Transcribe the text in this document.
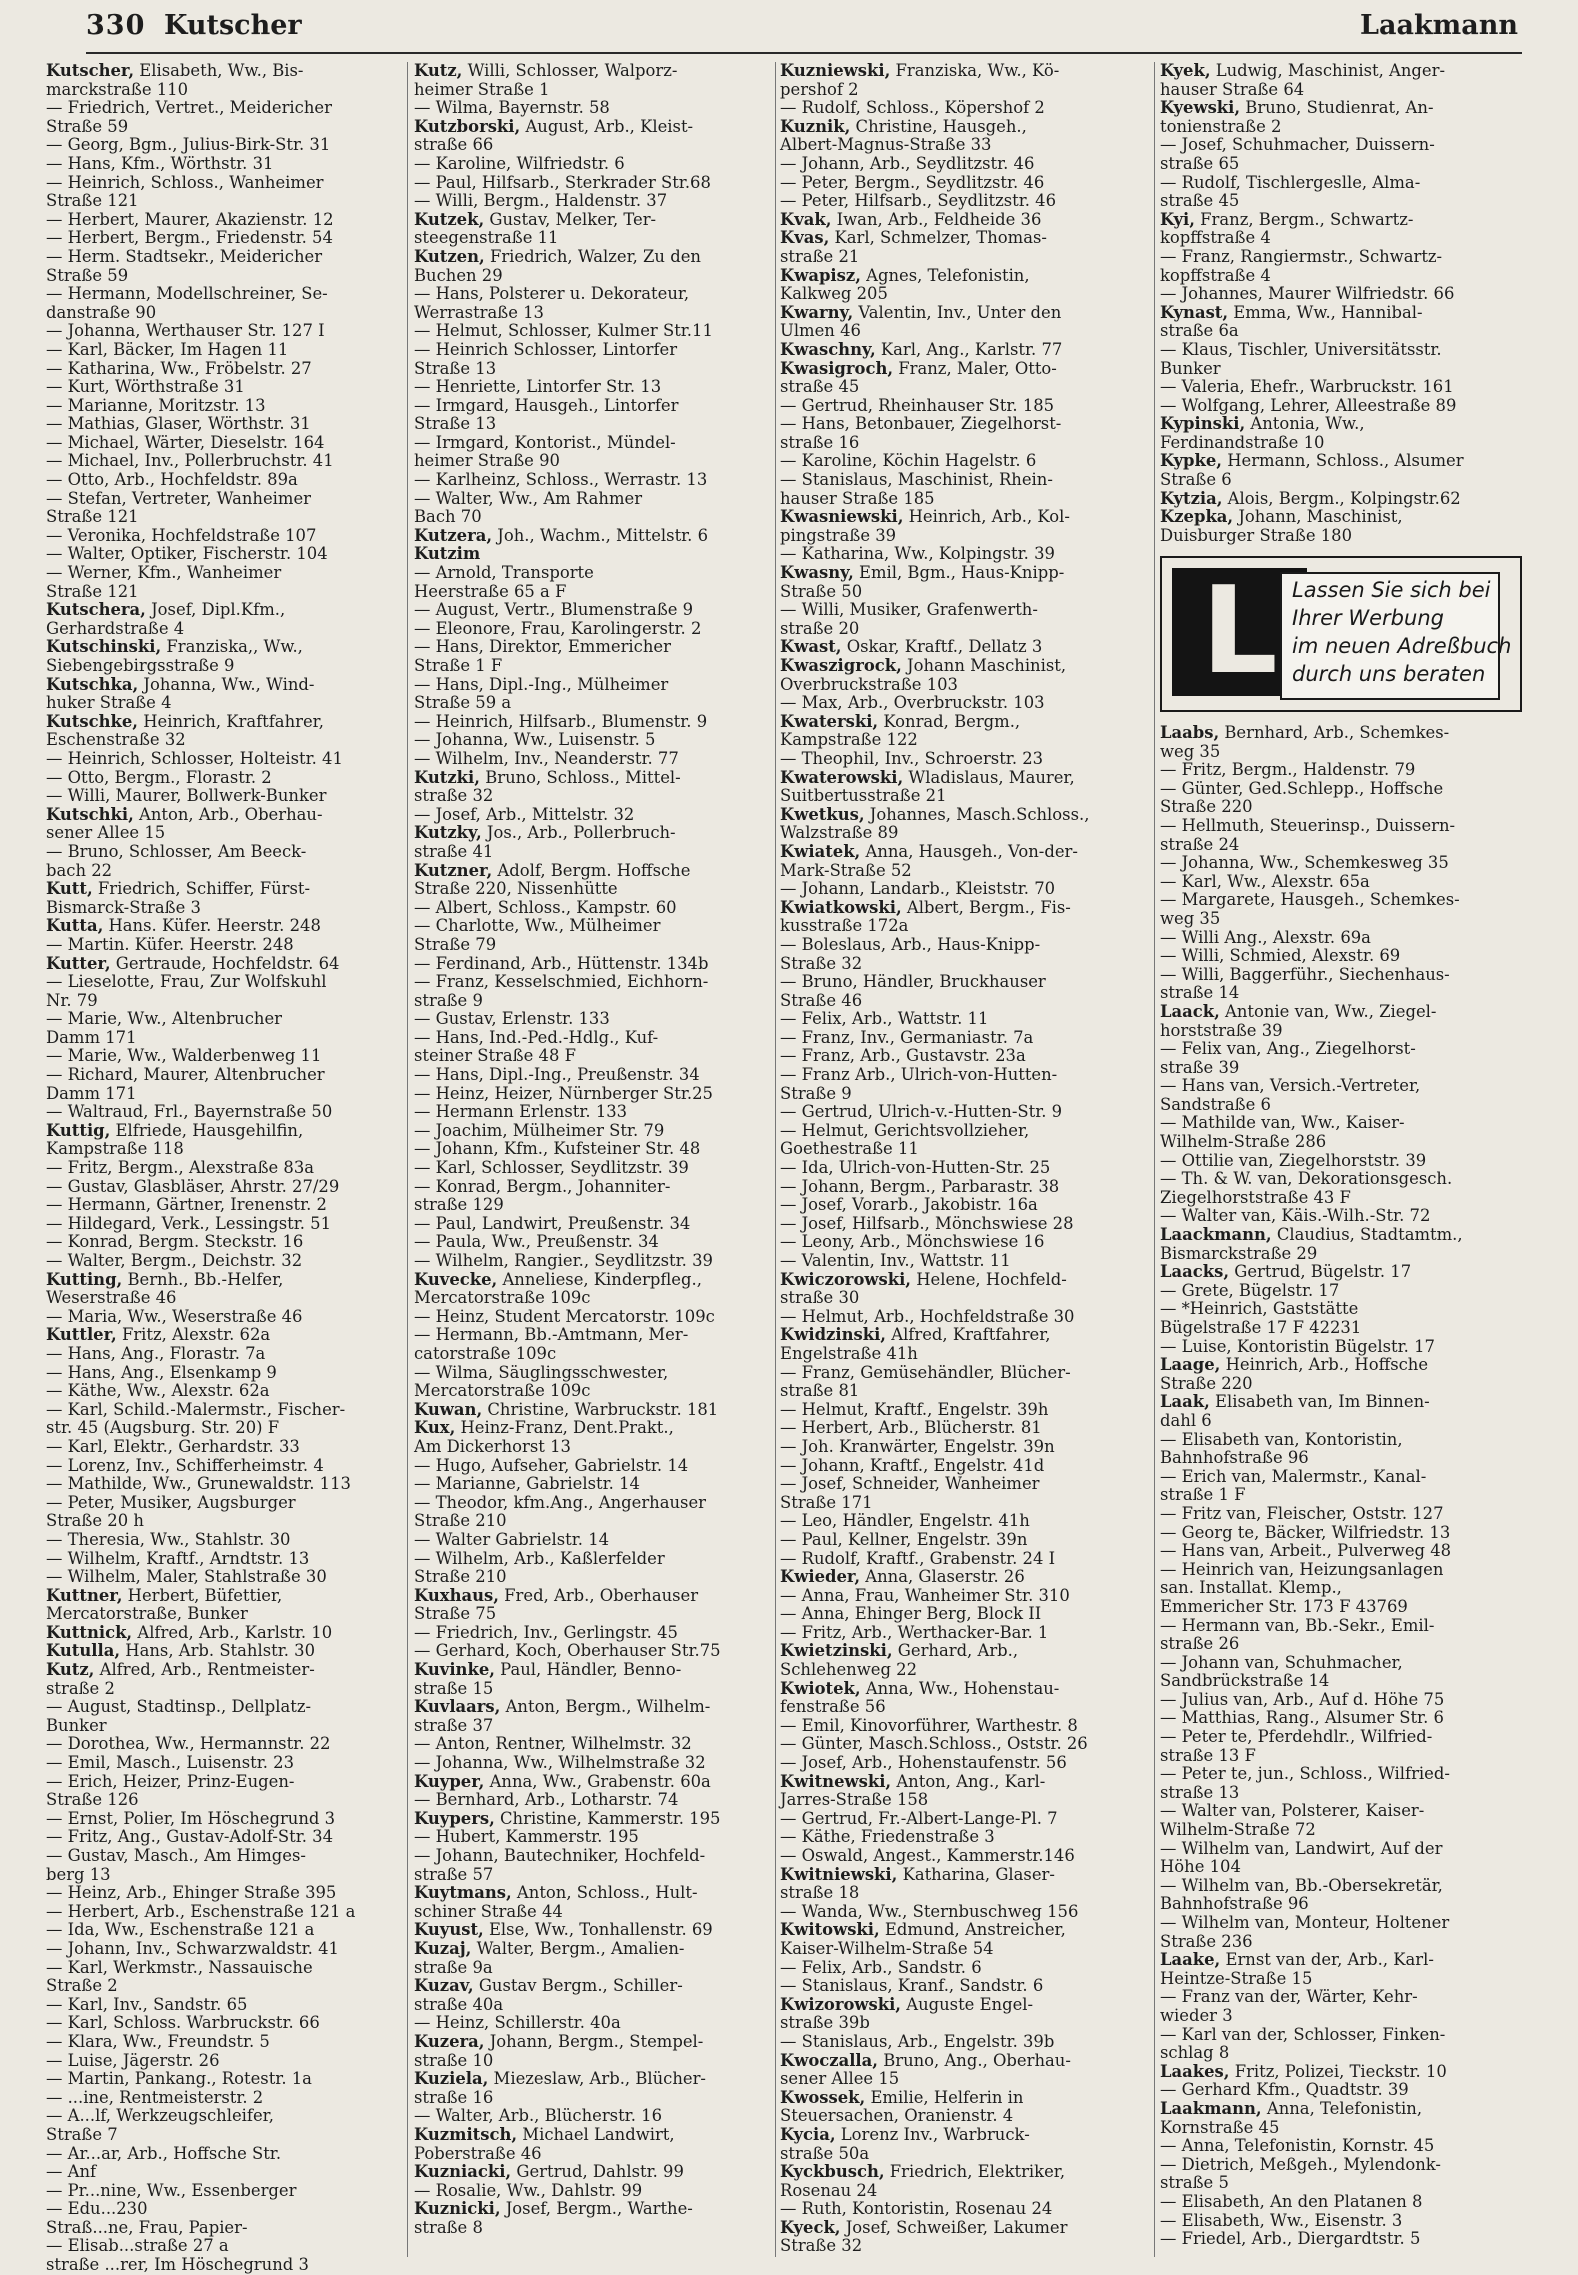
330 Kutscher	Laakmann
Kutscher, Elisabeth, Ww., Bis-
marckstraße 110
— Friedrich, Vertret., Meidericher
Straße 59
— Georg, Bgm., Julius-Birk-Str. 31
— Hans, Kfm., Wörthstr. 31
— Heinrich, Schloss., Wanheimer
Straße 121
— Herbert, Maurer, Akazienstr. 12
— Herbert, Bergm., Friedenstr. 54
— Herm. Stadtsekr., Meidericher
Straße 59
— Hermann, Modellschreiner, Se-
danstraße 90
— Johanna, Werthauser Str. 127 I
— Karl, Bäcker, Im Hagen 11
— Katharina, Ww., Fröbelstr. 27
— Kurt, Wörthstraße 31
— Marianne, Moritzstr. 13
— Mathias, Glaser, Wörthstr. 31
— Michael, Wärter, Dieselstr. 164
— Michael, Inv., Pollerbruchstr. 41
— Otto, Arb., Hochfeldstr. 89a
— Stefan, Vertreter, Wanheimer
Straße 121
— Veronika, Hochfeldstraße 107
— Walter, Optiker, Fischerstr. 104
— Werner, Kfm., Wanheimer
Straße 121
Kutschera, Josef, Dipl.Kfm.,
Gerhardstraße 4
Kutschinski, Franziska,, Ww.,
Siebengebirgsstraße 9
Kutschka, Johanna, Ww., Wind-
huker Straße 4
Kutschke, Heinrich, Kraftfahrer,
Eschenstraße 32
— Heinrich, Schlosser, Holteistr. 41
— Otto, Bergm., Florastr. 2
— Willi, Maurer, Bollwerk-Bunker
Kutschki, Anton, Arb., Oberhau-
sener Allee 15
— Bruno, Schlosser, Am Beeck-
bach 22
Kutt, Friedrich, Schiffer, Fürst-
Bismarck-Straße 3
Kutta, Hans. Küfer. Heerstr. 248
— Martin. Küfer. Heerstr. 248
Kutter, Gertraude, Hochfeldstr. 64
— Lieselotte, Frau, Zur Wolfskuhl
Nr. 79
— Marie, Ww., Altenbrucher
Damm 171
— Marie, Ww., Walderbenweg 11
— Richard, Maurer, Altenbrucher
Damm 171
— Waltraud, Frl., Bayernstraße 50
Kuttig, Elfriede, Hausgehilfin,
Kampstraße 118
— Fritz, Bergm., Alexstraße 83a
— Gustav, Glasbläser, Ahrstr. 27/29
— Hermann, Gärtner, Irenenstr. 2
— Hildegard, Verk., Lessingstr. 51
— Konrad, Bergm. Steckstr. 16
— Walter, Bergm., Deichstr. 32
Kutting, Bernh., Bb.-Helfer,
Weserstraße 46
— Maria, Ww., Weserstraße 46
Kuttler, Fritz, Alexstr. 62a
— Hans, Ang., Florastr. 7a
— Hans, Ang., Elsenkamp 9
— Käthe, Ww., Alexstr. 62a
— Karl, Schild.-Malermstr., Fischer-
str. 45 (Augsburg. Str. 20) F
— Karl, Elektr., Gerhardstr. 33
— Lorenz, Inv., Schifferheimstr. 4
— Mathilde, Ww., Grunewaldstr. 113
— Peter, Musiker, Augsburger
Straße 20 h
— Theresia, Ww., Stahlstr. 30
— Wilhelm, Kraftf., Arndtstr. 13
— Wilhelm, Maler, Stahlstraße 30
Kuttner, Herbert, Büfettier,
Mercatorstraße, Bunker
Kuttnick, Alfred, Arb., Karlstr. 10
Kutulla, Hans, Arb. Stahlstr. 30
Kutz, Alfred, Arb., Rentmeister-
straße 2
— August, Stadtinsp., Dellplatz-
Bunker
— Dorothea, Ww., Hermannstr. 22
— Emil, Masch., Luisenstr. 23
— Erich, Heizer, Prinz-Eugen-
Straße 126
— Ernst, Polier, Im Höschegrund 3
— Fritz, Ang., Gustav-Adolf-Str. 34
— Gustav, Masch., Am Himges-
berg 13
— Heinz, Arb., Ehinger Straße 395
— Herbert, Arb., Eschenstraße 121 a
— Ida, Ww., Eschenstraße 121 a
— Johann, Inv., Schwarzwaldstr. 41
— Karl, Werkmstr., Nassauische
Straße 2
— Karl, Inv., Sandstr. 65
— Karl, Schloss. Warbruckstr. 66
— Klara, Ww., Freundstr. 5
— Luise, Jägerstr. 26
— Martin, Pankang., Rotestr. 1a
— ...ine, Rentmeisterstr. 2
— A...lf, Werkzeugschleifer,
Straße 7
— Ar...ar, Arb., Hoffsche Str.
— Anf
— Pr...nine, Ww., Essenberger
— Edu...230
Straß...ne, Frau, Papier-
— Elisab...straße 27 a
straße ...rer, Im Höschegrund 3
Kutz, Willi, Schlosser, Walporz-
heimer Straße 1
— Wilma, Bayernstr. 58
Kutzborski, August, Arb., Kleist-
straße 66
— Karoline, Wilfriedstr. 6
— Paul, Hilfsarb., Sterkrader Str.68
— Willi, Bergm., Haldenstr. 37
Kutzek, Gustav, Melker, Ter-
steegenstraße 11
Kutzen, Friedrich, Walzer, Zu den
Buchen 29
— Hans, Polsterer u. Dekorateur,
Werrastraße 13
— Helmut, Schlosser, Kulmer Str.11
— Heinrich Schlosser, Lintorfer
Straße 13
— Henriette, Lintorfer Str. 13
— Irmgard, Hausgeh., Lintorfer
Straße 13
— Irmgard, Kontorist., Mündel-
heimer Straße 90
— Karlheinz, Schloss., Werrastr. 13
— Walter, Ww., Am Rahmer
Bach 70
Kutzera, Joh., Wachm., Mittelstr. 6
Kutzim
— Arnold, Transporte
Heerstraße 65 a F
— August, Vertr., Blumenstraße 9
— Eleonore, Frau, Karolingerstr. 2
— Hans, Direktor, Emmericher
Straße 1 F
— Hans, Dipl.-Ing., Mülheimer
Straße 59 a
— Heinrich, Hilfsarb., Blumenstr. 9
— Johanna, Ww., Luisenstr. 5
— Wilhelm, Inv., Neanderstr. 77
Kutzki, Bruno, Schloss., Mittel-
straße 32
— Josef, Arb., Mittelstr. 32
Kutzky, Jos., Arb., Pollerbruch-
straße 41
Kutzner, Adolf, Bergm. Hoffsche
Straße 220, Nissenhütte
— Albert, Schloss., Kampstr. 60
— Charlotte, Ww., Mülheimer
Straße 79
— Ferdinand, Arb., Hüttenstr. 134b
— Franz, Kesselschmied, Eichhorn-
straße 9
— Gustav, Erlenstr. 133
— Hans, Ind.-Ped.-Hdlg., Kuf-
steiner Straße 48 F
— Hans, Dipl.-Ing., Preußenstr. 34
— Heinz, Heizer, Nürnberger Str.25
— Hermann Erlenstr. 133
— Joachim, Mülheimer Str. 79
— Johann, Kfm., Kufsteiner Str. 48
— Karl, Schlosser, Seydlitzstr. 39
— Konrad, Bergm., Johanniter-
straße 129
— Paul, Landwirt, Preußenstr. 34
— Paula, Ww., Preußenstr. 34
— Wilhelm, Rangier., Seydlitzstr. 39
Kuvecke, Anneliese, Kinderpfleg.,
Mercatorstraße 109c
— Heinz, Student Mercatorstr. 109c
— Hermann, Bb.-Amtmann, Mer-
catorstraße 109c
— Wilma, Säuglingsschwester,
Mercatorstraße 109c
Kuwan, Christine, Warbruckstr. 181
Kux, Heinz-Franz, Dent.Prakt.,
Am Dickerhorst 13
— Hugo, Aufseher, Gabrielstr. 14
— Marianne, Gabrielstr. 14
— Theodor, kfm.Ang., Angerhauser
Straße 210
— Walter Gabrielstr. 14
— Wilhelm, Arb., Kaßlerfelder
Straße 210
Kuxhaus, Fred, Arb., Oberhauser
Straße 75
— Friedrich, Inv., Gerlingstr. 45
— Gerhard, Koch, Oberhauser Str.75
Kuvinke, Paul, Händler, Benno-
straße 15
Kuvlaars, Anton, Bergm., Wilhelm-
straße 37
— Anton, Rentner, Wilhelmstr. 32
— Johanna, Ww., Wilhelmstraße 32
Kuyper, Anna, Ww., Grabenstr. 60a
— Bernhard, Arb., Lotharstr. 74
Kuypers, Christine, Kammerstr. 195
— Hubert, Kammerstr. 195
— Johann, Bautechniker, Hochfeld-
straße 57
Kuytmans, Anton, Schloss., Hult-
schiner Straße 44
Kuyust, Else, Ww., Tonhallenstr. 69
Kuzaj, Walter, Bergm., Amalien-
straße 9a
Kuzav, Gustav Bergm., Schiller-
straße 40a
— Heinz, Schillerstr. 40a
Kuzera, Johann, Bergm., Stempel-
straße 10
Kuziela, Miezeslaw, Arb., Blücher-
straße 16
— Walter, Arb., Blücherstr. 16
Kuzmitsch, Michael Landwirt,
Poberstraße 46
Kuzniacki, Gertrud, Dahlstr. 99
— Rosalie, Ww., Dahlstr. 99
Kuznicki, Josef, Bergm., Warthe-
straße 8
Kuzniewski, Franziska, Ww., Kö-
pershof 2
— Rudolf, Schloss., Köpershof 2
Kuznik, Christine, Hausgeh.,
Albert-Magnus-Straße 33
— Johann, Arb., Seydlitzstr. 46
— Peter, Bergm., Seydlitzstr. 46
— Peter, Hilfsarb., Seydlitzstr. 46
Kvak, Iwan, Arb., Feldheide 36
Kvas, Karl, Schmelzer, Thomas-
straße 21
Kwapisz, Agnes, Telefonistin,
Kalkweg 205
Kwarny, Valentin, Inv., Unter den
Ulmen 46
Kwaschny, Karl, Ang., Karlstr. 77
Kwasigroch, Franz, Maler, Otto-
straße 45
— Gertrud, Rheinhauser Str. 185
— Hans, Betonbauer, Ziegelhorst-
straße 16
— Karoline, Köchin Hagelstr. 6
— Stanislaus, Maschinist, Rhein-
hauser Straße 185
Kwasniewski, Heinrich, Arb., Kol-
pingstraße 39
— Katharina, Ww., Kolpingstr. 39
Kwasny, Emil, Bgm., Haus-Knipp-
Straße 50
— Willi, Musiker, Grafenwerth-
straße 20
Kwast, Oskar, Kraftf., Dellatz 3
Kwaszigrock, Johann Maschinist,
Overbruckstraße 103
— Max, Arb., Overbruckstr. 103
Kwaterski, Konrad, Bergm.,
Kampstraße 122
— Theophil, Inv., Schroerstr. 23
Kwaterowski, Wladislaus, Maurer,
Suitbertusstraße 21
Kwetkus, Johannes, Masch.Schloss.,
Walzstraße 89
Kwiatek, Anna, Hausgeh., Von-der-
Mark-Straße 52
— Johann, Landarb., Kleiststr. 70
Kwiatkowski, Albert, Bergm., Fis-
kusstraße 172a
— Boleslaus, Arb., Haus-Knipp-
Straße 32
— Bruno, Händler, Bruckhauser
Straße 46
— Felix, Arb., Wattstr. 11
— Franz, Inv., Germaniastr. 7a
— Franz, Arb., Gustavstr. 23a
— Franz Arb., Ulrich-von-Hutten-
Straße 9
— Gertrud, Ulrich-v.-Hutten-Str. 9
— Helmut, Gerichtsvollzieher,
Goethestraße 11
— Ida, Ulrich-von-Hutten-Str. 25
— Johann, Bergm., Parbarastr. 38
— Josef, Vorarb., Jakobistr. 16a
— Josef, Hilfsarb., Mönchswiese 28
— Leony, Arb., Mönchswiese 16
— Valentin, Inv., Wattstr. 11
Kwiczorowski, Helene, Hochfeld-
straße 30
— Helmut, Arb., Hochfeldstraße 30
Kwidzinski, Alfred, Kraftfahrer,
Engelstraße 41h
— Franz, Gemüsehändler, Blücher-
straße 81
— Helmut, Kraftf., Engelstr. 39h
— Herbert, Arb., Blücherstr. 81
— Joh. Kranwärter, Engelstr. 39n
— Johann, Kraftf., Engelstr. 41d
— Josef, Schneider, Wanheimer
Straße 171
— Leo, Händler, Engelstr. 41h
— Paul, Kellner, Engelstr. 39n
— Rudolf, Kraftf., Grabenstr. 24 I
Kwieder, Anna, Glaserstr. 26
— Anna, Frau, Wanheimer Str. 310
— Anna, Ehinger Berg, Block II
— Fritz, Arb., Werthacker-Bar. 1
Kwietzinski, Gerhard, Arb.,
Schlehenweg 22
Kwiotek, Anna, Ww., Hohenstau-
fenstraße 56
— Emil, Kinovorführer, Warthestr. 8
— Günter, Masch.Schloss., Oststr. 26
— Josef, Arb., Hohenstaufenstr. 56
Kwitnewski, Anton, Ang., Karl-
Jarres-Straße 158
— Gertrud, Fr.-Albert-Lange-Pl. 7
— Käthe, Friedenstraße 3
— Oswald, Angest., Kammerstr.146
Kwitniewski, Katharina, Glaser-
straße 18
— Wanda, Ww., Sternbuschweg 156
Kwitowski, Edmund, Anstreicher,
Kaiser-Wilhelm-Straße 54
— Felix, Arb., Sandstr. 6
— Stanislaus, Kranf., Sandstr. 6
Kwizorowski, Auguste Engel-
straße 39b
— Stanislaus, Arb., Engelstr. 39b
Kwoczalla, Bruno, Ang., Oberhau-
sener Allee 15
Kwossek, Emilie, Helferin in
Steuersachen, Oranienstr. 4
Kycia, Lorenz Inv., Warbruck-
straße 50a
Kyckbusch, Friedrich, Elektriker,
Rosenau 24
— Ruth, Kontoristin, Rosenau 24
Kyeck, Josef, Schweißer, Lakumer
Straße 32
Kyek, Ludwig, Maschinist, Anger-
hauser Straße 64
Kyewski, Bruno, Studienrat, An-
tonienstraße 2
— Josef, Schuhmacher, Duissern-
straße 65
— Rudolf, Tischlergeslle, Alma-
straße 45
Kyi, Franz, Bergm., Schwartz-
kopffstraße 4
— Franz, Rangiermstr., Schwartz-
kopffstraße 4
— Johannes, Maurer Wilfriedstr. 66
Kynast, Emma, Ww., Hannibal-
straße 6a
— Klaus, Tischler, Universitätsstr.
Bunker
— Valeria, Ehefr., Warbruckstr. 161
— Wolfgang, Lehrer, Alleestraße 89
Kypinski, Antonia, Ww.,
Ferdinandstraße 10
Kypke, Hermann, Schloss., Alsumer
Straße 6
Kytzia, Alois, Bergm., Kolpingstr.62
Kzepka, Johann, Maschinist,
Duisburger Straße 180
Laabs, Bernhard, Arb., Schemkes-
weg 35
— Fritz, Bergm., Haldenstr. 79
— Günter, Ged.Schlepp., Hoffsche
Straße 220
— Hellmuth, Steuerinsp., Duissern-
straße 24
— Johanna, Ww., Schemkesweg 35
— Karl, Ww., Alexstr. 65a
— Margarete, Hausgeh., Schemkes-
weg 35
— Willi Ang., Alexstr. 69a
— Willi, Schmied, Alexstr. 69
— Willi, Baggerführ., Siechenhaus-
straße 14
Laack, Antonie van, Ww., Ziegel-
horststraße 39
— Felix van, Ang., Ziegelhorst-
straße 39
— Hans van, Versich.-Vertreter,
Sandstraße 6
— Mathilde van, Ww., Kaiser-
Wilhelm-Straße 286
— Ottilie van, Ziegelhorststr. 39
— Th. & W. van, Dekorationsgesch.
Ziegelhorststraße 43 F
— Walter van, Käis.-Wilh.-Str. 72
Laackmann, Claudius, Stadtamtm.,
Bismarckstraße 29
Laacks, Gertrud, Bügelstr. 17
— Grete, Bügelstr. 17
— *Heinrich, Gaststätte
Bügelstraße 17 F 42231
— Luise, Kontoristin Bügelstr. 17
Laage, Heinrich, Arb., Hoffsche
Straße 220
Laak, Elisabeth van, Im Binnen-
dahl 6
— Elisabeth van, Kontoristin,
Bahnhofstraße 96
— Erich van, Malermstr., Kanal-
straße 1 F
— Fritz van, Fleischer, Oststr. 127
— Georg te, Bäcker, Wilfriedstr. 13
— Hans van, Arbeit., Pulverweg 48
— Heinrich van, Heizungsanlagen
san. Installat. Klemp.,
Emmericher Str. 173 F 43769
— Hermann van, Bb.-Sekr., Emil-
straße 26
— Johann van, Schuhmacher,
Sandbrückstraße 14
— Julius van, Arb., Auf d. Höhe 75
— Matthias, Rang., Alsumer Str. 6
— Peter te, Pferdehdlr., Wilfried-
straße 13 F
— Peter te, jun., Schloss., Wilfried-
straße 13
— Walter van, Polsterer, Kaiser-
Wilhelm-Straße 72
— Wilhelm van, Landwirt, Auf der
Höhe 104
— Wilhelm van, Bb.-Obersekretär,
Bahnhofstraße 96
— Wilhelm van, Monteur, Holtener
Straße 236
Laake, Ernst van der, Arb., Karl-
Heintze-Straße 15
— Franz van der, Wärter, Kehr-
wieder 3
— Karl van der, Schlosser, Finken-
schlag 8
Laakes, Fritz, Polizei, Tieckstr. 10
— Gerhard Kfm., Quadtstr. 39
Laakmann, Anna, Telefonistin,
Kornstraße 45
— Anna, Telefonistin, Kornstr. 45
— Dietrich, Meßgeh., Mylendonk-
straße 5
— Elisabeth, An den Platanen 8
— Elisabeth, Ww., Eisenstr. 3
— Friedel, Arb., Diergardtstr. 5
L Lassen Sie sich bei
Ihrer Werbung
im neuen Adreßbuch
durch uns beraten
